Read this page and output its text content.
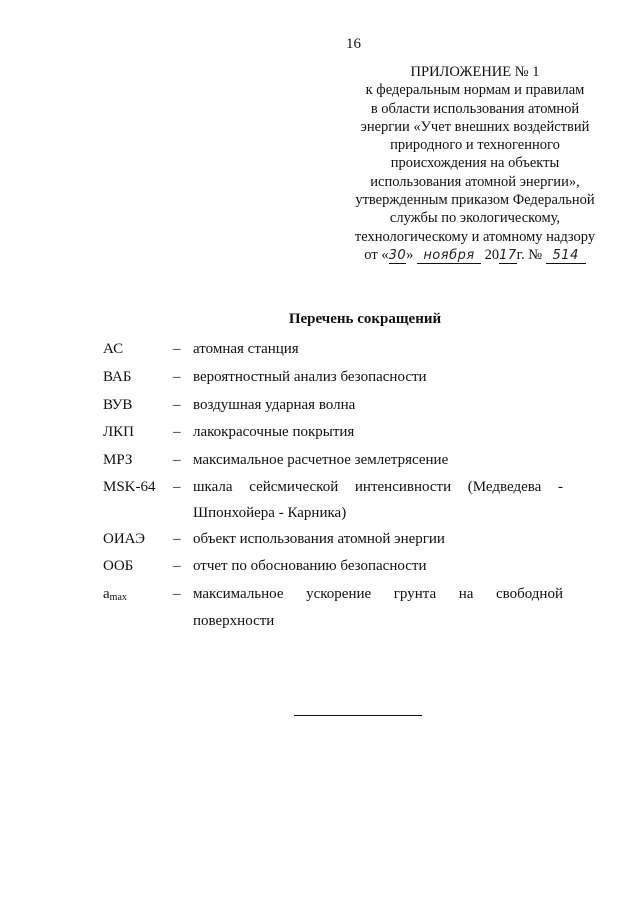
16
ПРИЛОЖЕНИЕ № 1
к федеральным нормам и правилам
в области использования атомной
энергии «Учет внешних воздействий
природного и техногенного
происхождения на объекты
использования атомной энергии»,
утвержденным приказом Федеральной
службы по экологическому,
технологическому и атомному надзору
от «30» ноября 2017г. № 514
Перечень сокращений
АС	– атомная станция
ВАБ	– вероятностный анализ безопасности
ВУВ	– воздушная ударная волна
ЛКП	– лакокрасочные покрытия
МРЗ	– максимальное расчетное землетрясение
MSK-64 – шкала сейсмической интенсивности (Медведева -
Шпонхойера - Карника)
ОИАЭ – объект использования атомной энергии
ООБ	– отчет по обоснованию безопасности
$a_{max}$	– максимальное ускорение грунта на свободной
поверхности
